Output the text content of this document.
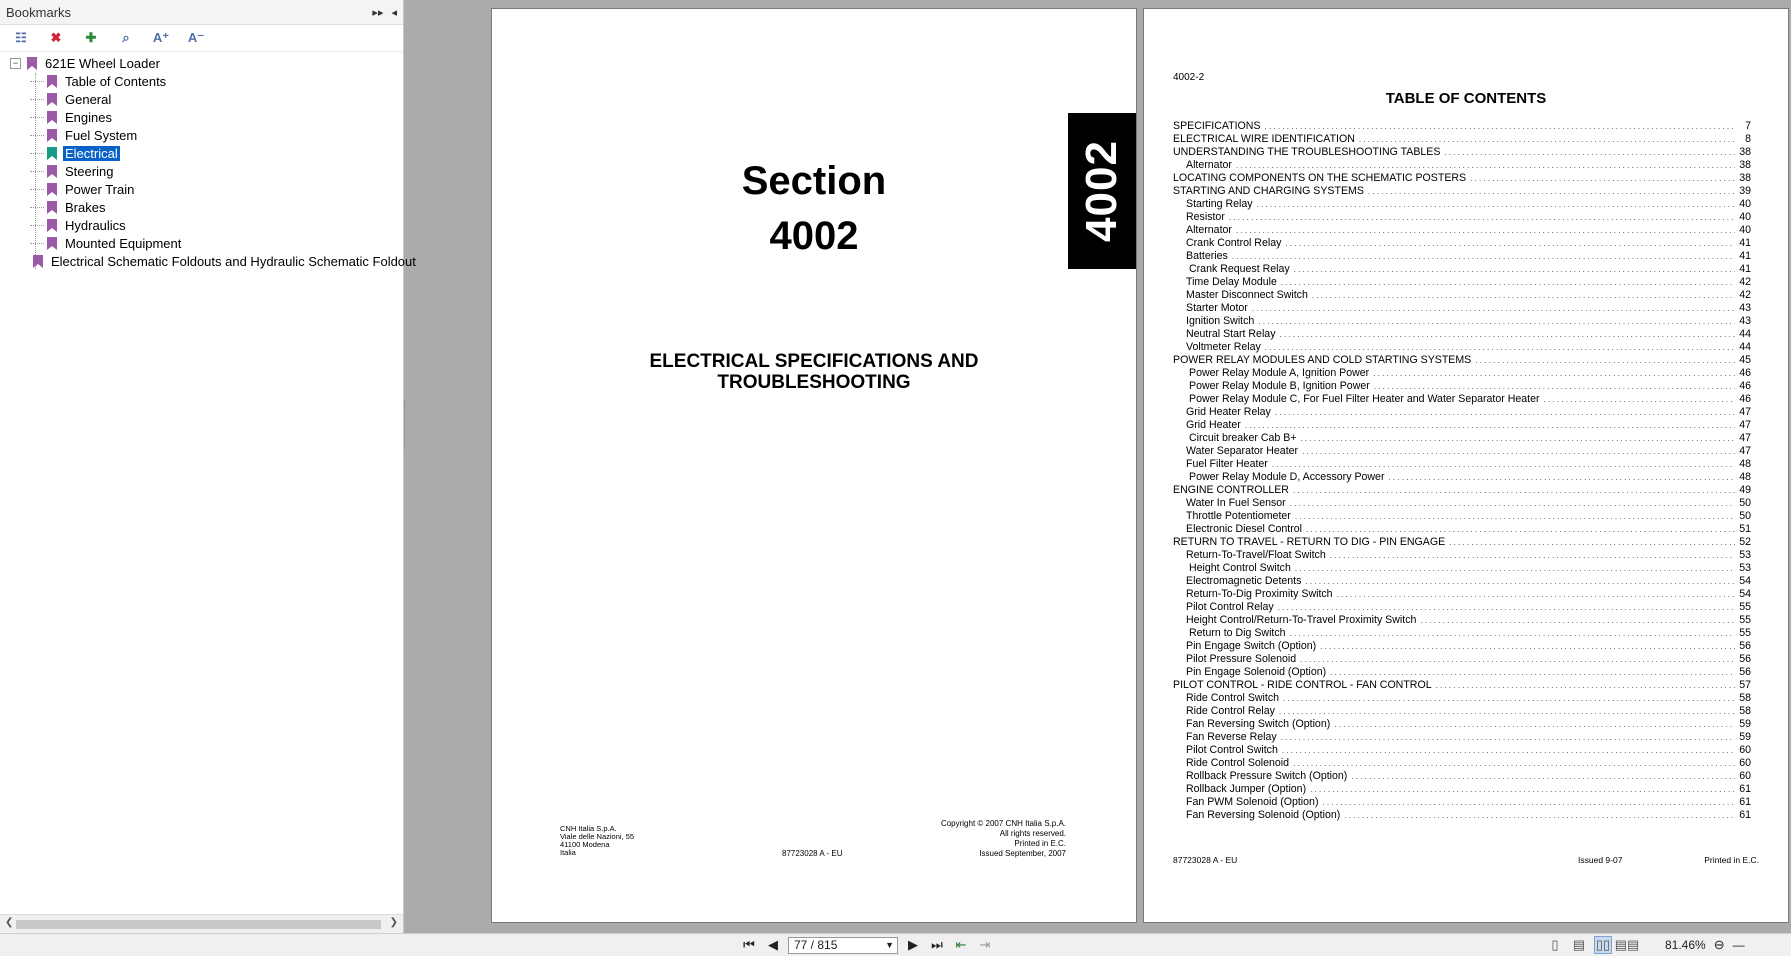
Bookmarks	▸▸ ◂
☷	✖	✚	⌕	A⁺ A⁻
− 621E Wheel Loader
Table of Contents
General
Engines
Fuel System
Electrical
Steering
Power Train
Brakes
Hydraulics
Mounted Equipment
Electrical Schematic Foldouts and Hydraulic Schematic Foldout
❮	❯
4002
Section
4002
ELECTRICAL SPECIFICATIONS AND
TROUBLESHOOTING
CNH Italia S.p.A.
Viale delle Nazioni, 55
41100 Modena
Italia	87723028 A - EU
Copyright © 2007 CNH Italia S.p.A.
All rights reserved.
Printed in E.C.
Issued September, 2007
4002-2
TABLE OF CONTENTS
SPECIFICATIONS . . .	7
ELECTRICAL WIRE IDENTIFICATION . . .	8
UNDERSTANDING THE TROUBLESHOOTING TABLES . . .	38
Alternator . . .	38
LOCATING COMPONENTS ON THE SCHEMATIC POSTERS . . .	38
STARTING AND CHARGING SYSTEMS . . .	39
Starting Relay . . .	40
Resistor . . .	40
Alternator . . .	40
Crank Control Relay . . .	41
Batteries . . .	41
Crank Request Relay . . .	41
Time Delay Module . . .	42
Master Disconnect Switch . . .	42
Starter Motor . . .	43
Ignition Switch . . .	43
Neutral Start Relay . . .	44
Voltmeter Relay . . .	44
POWER RELAY MODULES AND COLD STARTING SYSTEMS . . .	45
Power Relay Module A, Ignition Power . . .	46
Power Relay Module B, Ignition Power . . .	46
Power Relay Module C, For Fuel Filter Heater and Water Separator Heater . . .	46
Grid Heater Relay . . .	47
Grid Heater . . .	47
Circuit breaker Cab B+ . . .	47
Water Separator Heater . . .	47
Fuel Filter Heater . . .	48
Power Relay Module D, Accessory Power . . .	48
ENGINE CONTROLLER . . .	49
Water In Fuel Sensor . . .	50
Throttle Potentiometer . . .	50
Electronic Diesel Control . . .	51
RETURN TO TRAVEL - RETURN TO DIG - PIN ENGAGE . . .	52
Return-To-Travel/Float Switch . . .	53
Height Control Switch . . .	53
Electromagnetic Detents . . .	54
Return-To-Dig Proximity Switch . . .	54
Pilot Control Relay . . .	55
Height Control/Return-To-Travel Proximity Switch . . .	55
Return to Dig Switch . . .	55
Pin Engage Switch (Option) . . .	56
Pilot Pressure Solenoid . . .	56
Pin Engage Solenoid (Option) . . .	56
PILOT CONTROL - RIDE CONTROL - FAN CONTROL . . .	57
Ride Control Switch . . .	58
Ride Control Relay . . .	58
Fan Reversing Switch (Option) . . .	59
Fan Reverse Relay . . .	59
Pilot Control Switch . . .	60
Ride Control Solenoid . . .	60
Rollback Pressure Switch (Option) . . .	60
Rollback Jumper (Option) . . .	61
Fan PWM Solenoid (Option) . . .	61
Fan Reversing Solenoid (Option) . . .	61
87723028 A - EU	Issued 9-07	Printed in E.C.
⏮	◀	77 / 815	▼	▶	⏭ ⇤ ⇥	▯	▤ ▯▯ ▤▤ 81.46% ⊖ —
